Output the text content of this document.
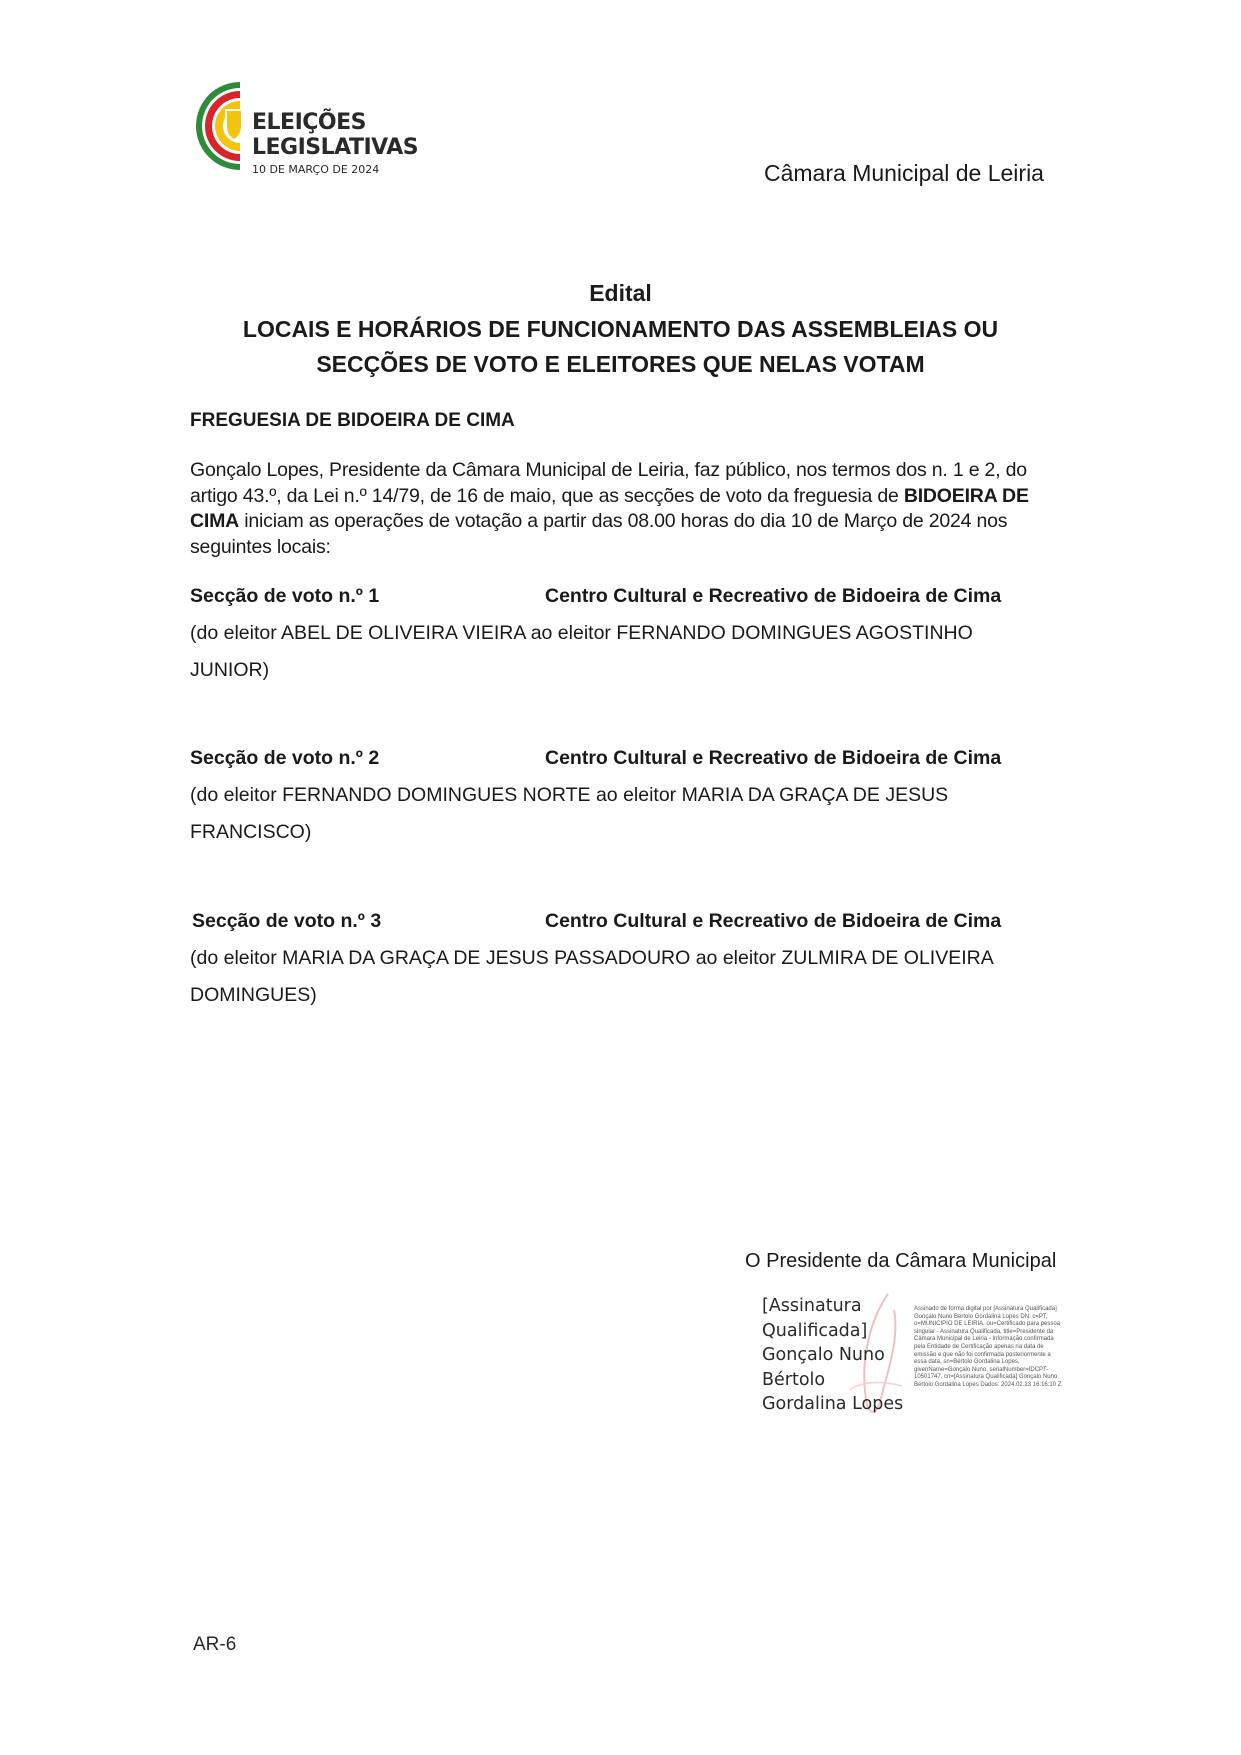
ELEIÇÕES
LEGISLATIVAS
10 DE MARÇO DE 2024	Câmara Municipal de Leiria
Edital
LOCAIS E HORÁRIOS DE FUNCIONAMENTO DAS ASSEMBLEIAS OU
SECÇÕES DE VOTO E ELEITORES QUE NELAS VOTAM
FREGUESIA DE BIDOEIRA DE CIMA
Gonçalo Lopes, Presidente da Câmara Municipal de Leiria, faz público, nos termos dos n. 1 e 2, do artigo 43.º, da Lei n.º 14/79, de 16 de maio, que as secções de voto da freguesia de BIDOEIRA DE CIMA iniciam as operações de votação a partir das 08.00 horas do dia 10 de Março de 2024 nos seguintes locais:
Secção de voto n.º 1	Centro Cultural e Recreativo de Bidoeira de Cima
(do eleitor ABEL DE OLIVEIRA VIEIRA ao eleitor FERNANDO DOMINGUES AGOSTINHO JUNIOR)
Secção de voto n.º 2	Centro Cultural e Recreativo de Bidoeira de Cima
(do eleitor FERNANDO DOMINGUES NORTE ao eleitor MARIA DA GRAÇA DE JESUS FRANCISCO)
Secção de voto n.º 3	Centro Cultural e Recreativo de Bidoeira de Cima
(do eleitor MARIA DA GRAÇA DE JESUS PASSADOURO ao eleitor ZULMIRA DE OLIVEIRA DOMINGUES)
O Presidente da Câmara Municipal
[Assinatura Qualificada] Gonçalo Nuno Bértolo Gordalina Lopes
Assinado de forma digital por [Assinatura Qualificada] Gonçalo Nuno Bértolo Gordalina Lopes DN: c=PT, o=MUNICIPIO DE LEIRIA, ou=Certificado para pessoa singular - Assinatura Qualificada, title=Presidente da Câmara Municipal de Leiria - Informação confirmada pela Entidade de Certificação apenas na data de emissão e que não foi confirmada posteriormente a essa data, sn=Bértolo Gordalina Lopes, givenName=Gonçalo Nuno, serialNumber=IDCPT-10501747, cn=[Assinatura Qualificada] Gonçalo Nuno Bértolo Gordalina Lopes Dados: 2024.02.23 16:16:10 Z
AR-6
